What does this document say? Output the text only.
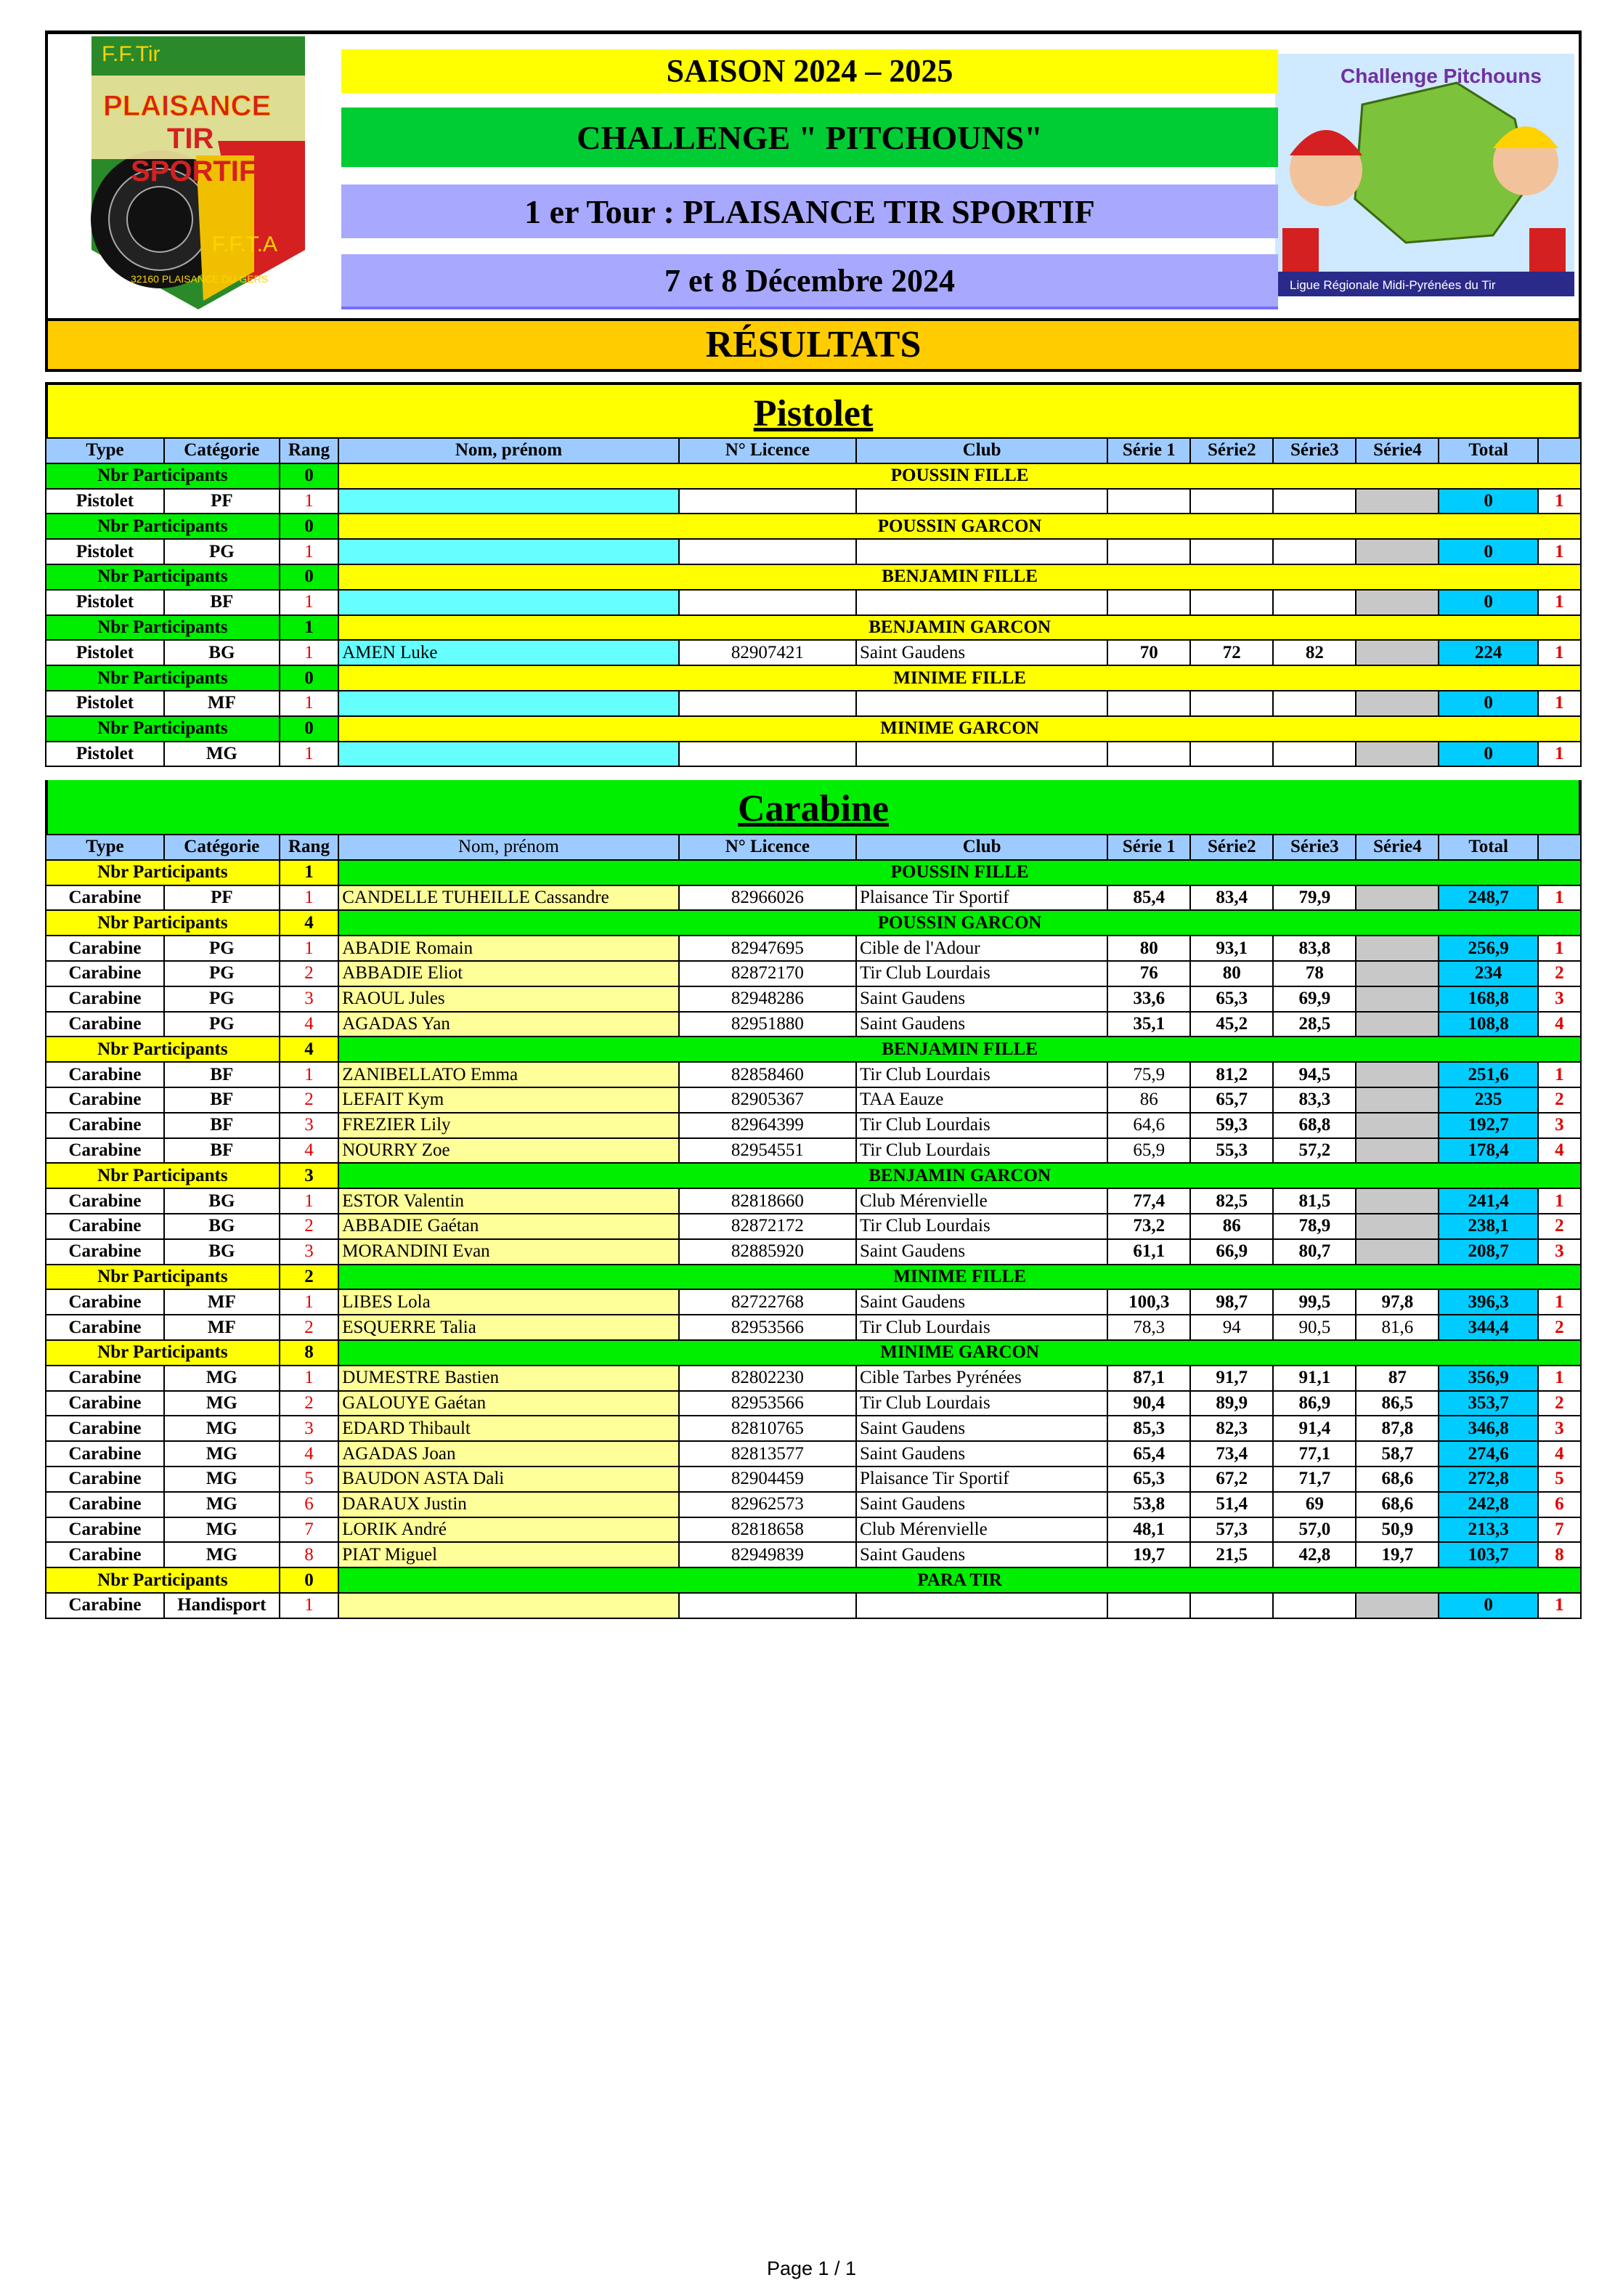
F.F.Tir
PLAISANCE
TIR
SPORTIF
F.F.T.A
32160 PLAISANCE DU GERS
Challenge Pitchouns
Ligue Régionale Midi-Pyrénées du Tir
SAISON 2024 – 2025
CHALLENGE " PITCHOUNS"
1 er Tour : PLAISANCE TIR SPORTIF
7 et 8 Décembre 2024
RÉSULTATS
Pistolet
Type	Catégorie	Rang	Nom, prénom	N° Licence	Club	Série 1	Série2	Série3	Série4	Total	
Nbr Participants		0	POUSSIN FILLE								
Pistolet	PF	1								0	1
Nbr Participants		0	POUSSIN GARCON								
Pistolet	PG	1								0	1
Nbr Participants		0	BENJAMIN FILLE								
Pistolet	BF	1								0	1
Nbr Participants		1	BENJAMIN GARCON								
Pistolet	BG	1	AMEN Luke	82907421	Saint Gaudens	70	72	82		224	1
Nbr Participants		0	MINIME FILLE								
Pistolet	MF	1								0	1
Nbr Participants		0	MINIME GARCON								
Pistolet	MG	1								0	1
Carabine
Type	Catégorie	Rang	Nom, prénom	N° Licence	Club	Série 1	Série2	Série3	Série4	Total	
Nbr Participants		1	POUSSIN FILLE								
Carabine	PF	1	CANDELLE TUHEILLE Cassandre	82966026	Plaisance Tir Sportif	85,4	83,4	79,9		248,7	1
Nbr Participants		4	POUSSIN GARCON								
Carabine	PG	1	ABADIE Romain	82947695	Cible de l'Adour	80	93,1	83,8		256,9	1
Carabine	PG	2	ABBADIE Eliot	82872170	Tir Club Lourdais	76	80	78		234	2
Carabine	PG	3	RAOUL Jules	82948286	Saint Gaudens	33,6	65,3	69,9		168,8	3
Carabine	PG	4	AGADAS Yan	82951880	Saint Gaudens	35,1	45,2	28,5		108,8	4
Nbr Participants		4	BENJAMIN FILLE								
Carabine	BF	1	ZANIBELLATO Emma	82858460	Tir Club Lourdais	75,9	81,2	94,5		251,6	1
Carabine	BF	2	LEFAIT Kym	82905367	TAA Eauze	86	65,7	83,3		235	2
Carabine	BF	3	FREZIER Lily	82964399	Tir Club Lourdais	64,6	59,3	68,8		192,7	3
Carabine	BF	4	NOURRY Zoe	82954551	Tir Club Lourdais	65,9	55,3	57,2		178,4	4
Nbr Participants		3	BENJAMIN GARCON								
Carabine	BG	1	ESTOR Valentin	82818660	Club Mérenvielle	77,4	82,5	81,5		241,4	1
Carabine	BG	2	ABBADIE Gaétan	82872172	Tir Club Lourdais	73,2	86	78,9		238,1	2
Carabine	BG	3	MORANDINI Evan	82885920	Saint Gaudens	61,1	66,9	80,7		208,7	3
Nbr Participants		2	MINIME FILLE								
Carabine	MF	1	LIBES Lola	82722768	Saint Gaudens	100,3	98,7	99,5	97,8	396,3	1
Carabine	MF	2	ESQUERRE Talia	82953566	Tir Club Lourdais	78,3	94	90,5	81,6	344,4	2
Nbr Participants		8	MINIME GARCON								
Carabine	MG	1	DUMESTRE Bastien	82802230	Cible Tarbes Pyrénées	87,1	91,7	91,1	87	356,9	1
Carabine	MG	2	GALOUYE Gaétan	82953566	Tir Club Lourdais	90,4	89,9	86,9	86,5	353,7	2
Carabine	MG	3	EDARD Thibault	82810765	Saint Gaudens	85,3	82,3	91,4	87,8	346,8	3
Carabine	MG	4	AGADAS Joan	82813577	Saint Gaudens	65,4	73,4	77,1	58,7	274,6	4
Carabine	MG	5	BAUDON ASTA Dali	82904459	Plaisance Tir Sportif	65,3	67,2	71,7	68,6	272,8	5
Carabine	MG	6	DARAUX Justin	82962573	Saint Gaudens	53,8	51,4	69	68,6	242,8	6
Carabine	MG	7	LORIK André	82818658	Club Mérenvielle	48,1	57,3	57,0	50,9	213,3	7
Carabine	MG	8	PIAT Miguel	82949839	Saint Gaudens	19,7	21,5	42,8	19,7	103,7	8
Nbr Participants		0	PARA TIR								
Carabine	Handisport	1								0	1
Page 1 / 1
